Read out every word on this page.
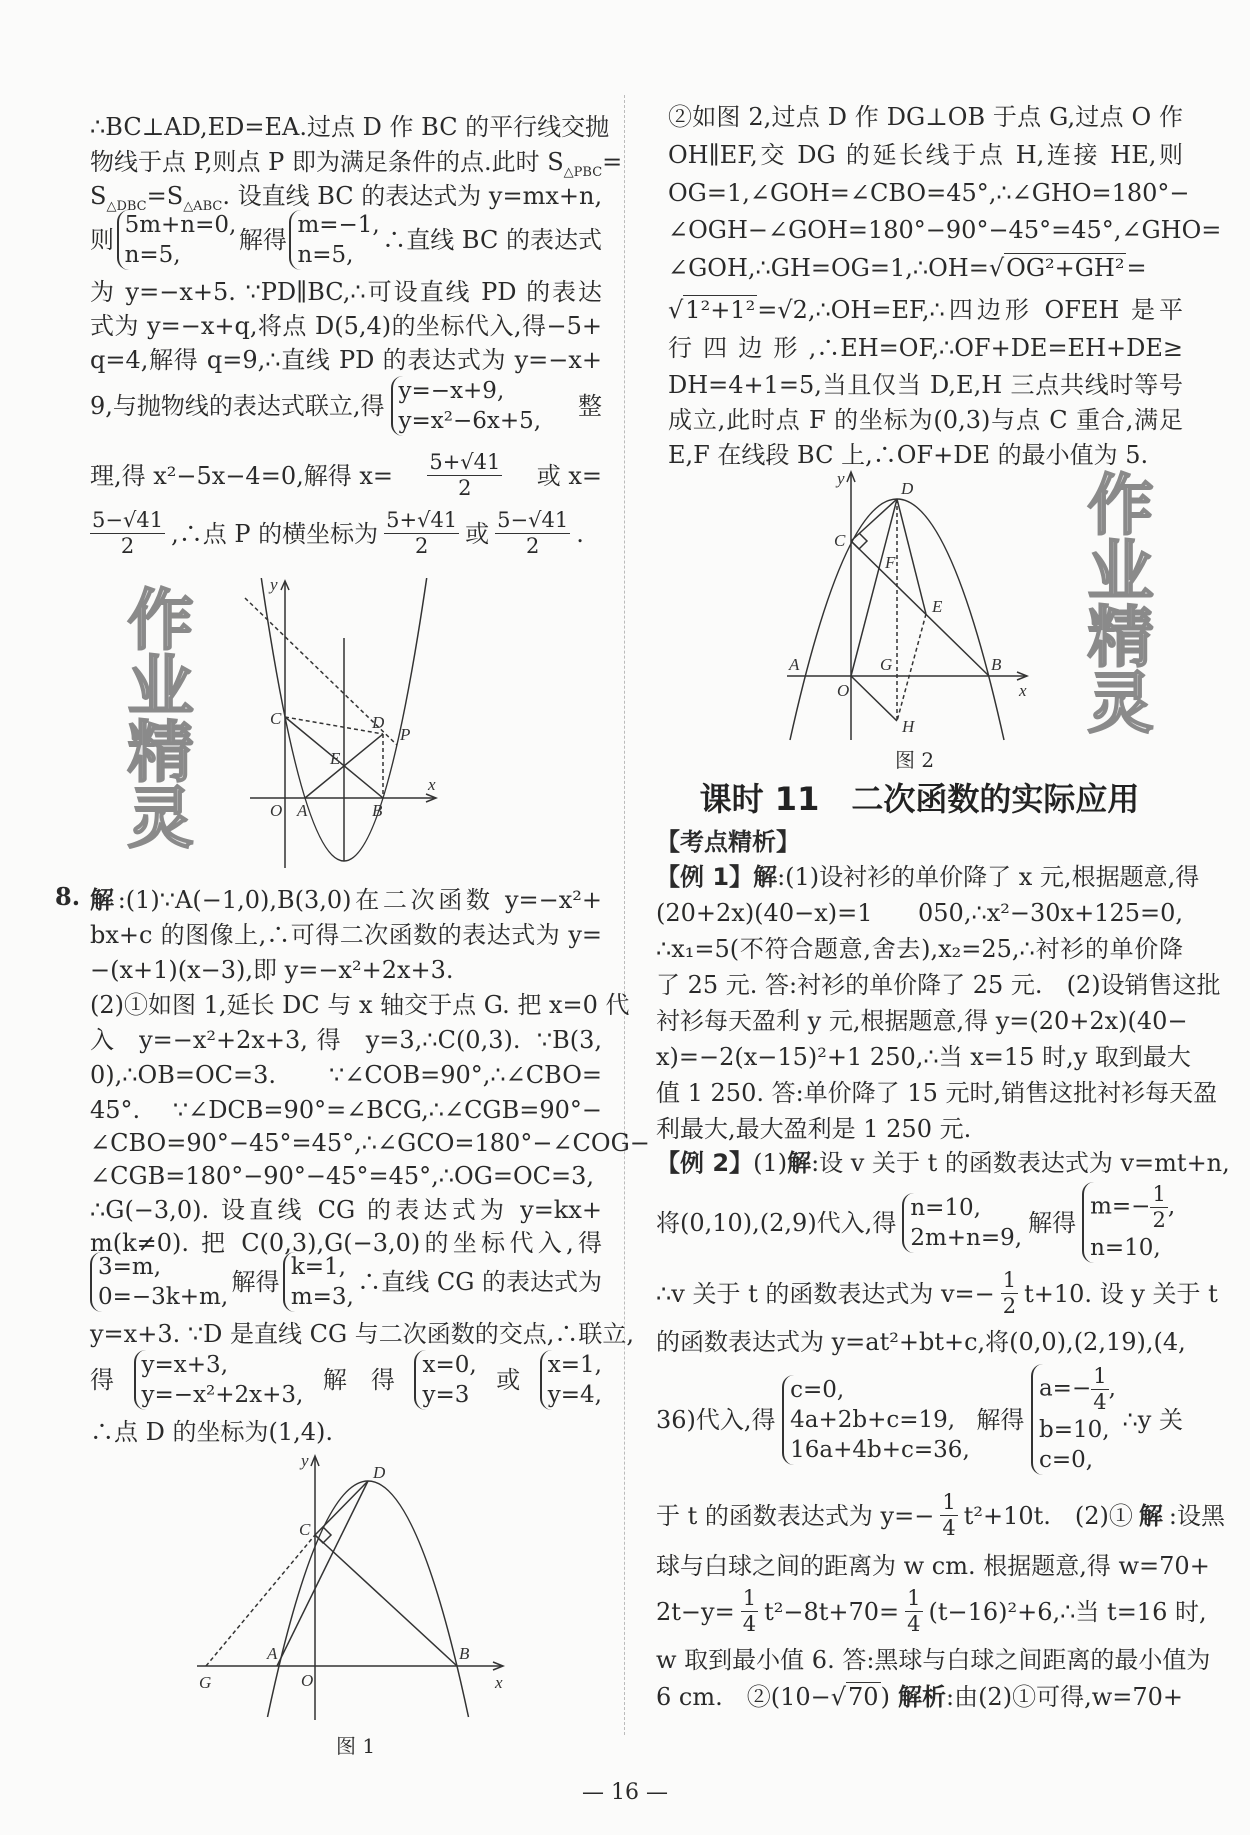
∴BC⊥AD,ED=EA.过点 D 作 BC 的平行线交抛
物线于点 P,则点 P 即为满足条件的点.此时 $S_{\triangle PBC}=$
$S_{\triangle DBC}=S_{\triangle ABC}$. 设直线 BC 的表达式为 y=mx+n,
则
5m+n=0,
n=5,
解得
m=−1,
n=5,
∴直线 BC 的表达式
为 y=−x+5. ∵PD∥BC,∴可设直线 PD 的表达
式为 y=−x+q,将点 D(5,4)的坐标代入,得−5+
q=4,解得 q=9,∴直线 PD 的表达式为 y=−x+
9,与抛物线的表达式联立,得
y=−x+9,
y=x²−6x+5,
整
理,得 x²−5x−4=0,解得 $x= \frac{5+√41}{2}$ 或 x=
$\frac{5-√41}{2}$ ,∴点 P 的横坐标为 $\frac{5+√41}{2}$ 或 $\frac{5-√41}{2}$ .
作业精灵
y
x
O A	B
C	D
E
P
8. 解:(1)∵A(−1,0),B(3,0)在二次函数 y=−x²+
bx+c 的图像上,∴可得二次函数的表达式为 y=
−(x+1)(x−3),即 y=−x²+2x+3.
(2)①如图 1,延长 DC 与 x 轴交于点 G. 把 x=0 代
入 y=−x²+2x+3,得 y=3,∴C(0,3). ∵B(3,
0),∴OB=OC=3. ∵∠COB=90°,∴∠CBO=
45°. ∵∠DCB=90°=∠BCG,∴∠CGB=90°−
∠CBO=90°−45°=45°,∴∠GCO=180°−∠COG−
∠CGB=180°−90°−45°=45°,∴OG=OC=3,
∴G(−3,0). 设直线 CG 的表达式为 y=kx+
m(k≠0). 把 C(0,3),G(−3,0)的坐标代入,得
3=m,
0=−3k+m,
解得
k=1,
m=3,
∴直线 CG 的表达式为
y=x+3. ∵D 是直线 CG 与二次函数的交点,∴联立,
得
y=x+3,
y=−x²+2x+3,
解　得
x=0,
y=3
或
x=1,
y=4,
∴点 D 的坐标为(1,4).
y
x
O
A	B
C
D
G
图 1
②如图 2,过点 D 作 DG⊥OB 于点 G,过点 O 作
OH∥EF,交 DG 的延长线于点 H,连接 HE,则
OG=1,∠GOH=∠CBO=45°,∴∠GHO=180°−
∠OGH−∠GOH=180°−90°−45°=45°,∠GHO=
∠GOH,∴GH=OG=1,∴OH=√OG²+GH²=
√1²+1²=√2,∴OH=EF,∴四边形 OFEH 是平
行四边形,∴EH=OF,∴OF+DE=EH+DE≥
DH=4+1=5,当且仅当 D,E,H 三点共线时等号
成立,此时点 F 的坐标为(0,3)与点 C 重合,满足
E,F 在线段 BC 上,∴OF+DE 的最小值为 5.
y
x
O
A	B
C
D
E
F
G
H
图 2
作业精灵
课时 11　二次函数的实际应用
【考点精析】
【例 1】解:(1)设衬衫的单价降了 x 元,根据题意,得
(20+2x)(40−x)=1 050,∴x²−30x+125=0,
∴x₁=5(不符合题意,舍去),x₂=25,∴衬衫的单价降
了 25 元. 答:衬衫的单价降了 25 元.　(2)设销售这批
衬衫每天盈利 y 元,根据题意,得 y=(20+2x)(40−
x)=−2(x−15)²+1 250,∴当 x=15 时,y 取到最大
值 1 250. 答:单价降了 15 元时,销售这批衬衫每天盈
利最大,最大盈利是 1 250 元.
【例 2】(1)解:设 v 关于 t 的函数表达式为 v=mt+n,
将(0,10),(2,9)代入,得
n=10,
2m+n=9,
解得
$m=- \frac{1}{2}$ ,
n=10,
∴v 关于 t 的函数表达式为 $v=- \frac{1}{2} t+10$. 设 y 关于 t
的函数表达式为 y=at²+bt+c,将(0,0),(2,19),(4,
36)代入,得
c=0,
4a+2b+c=19,
16a+4b+c=36,
解得
$a=- \frac{1}{4}$ ,
b=10,
c=0,
∴y 关
于 t 的函数表达式为 $y=- \frac{1}{4} t^2+10t$.　(2)① 解 :设黑
球与白球之间的距离为 w cm. 根据题意,得 w=70+
$2t-y= \frac{1}{4} t^2-8t+70= \frac{1}{4}$ (t−16)²+6,∴当 t=16 时,
w 取到最小值 6. 答:黑球与白球之间距离的最小值为
6 cm.　②(10−√70) 解析:由(2)①可得,w=70+
— 16 —
